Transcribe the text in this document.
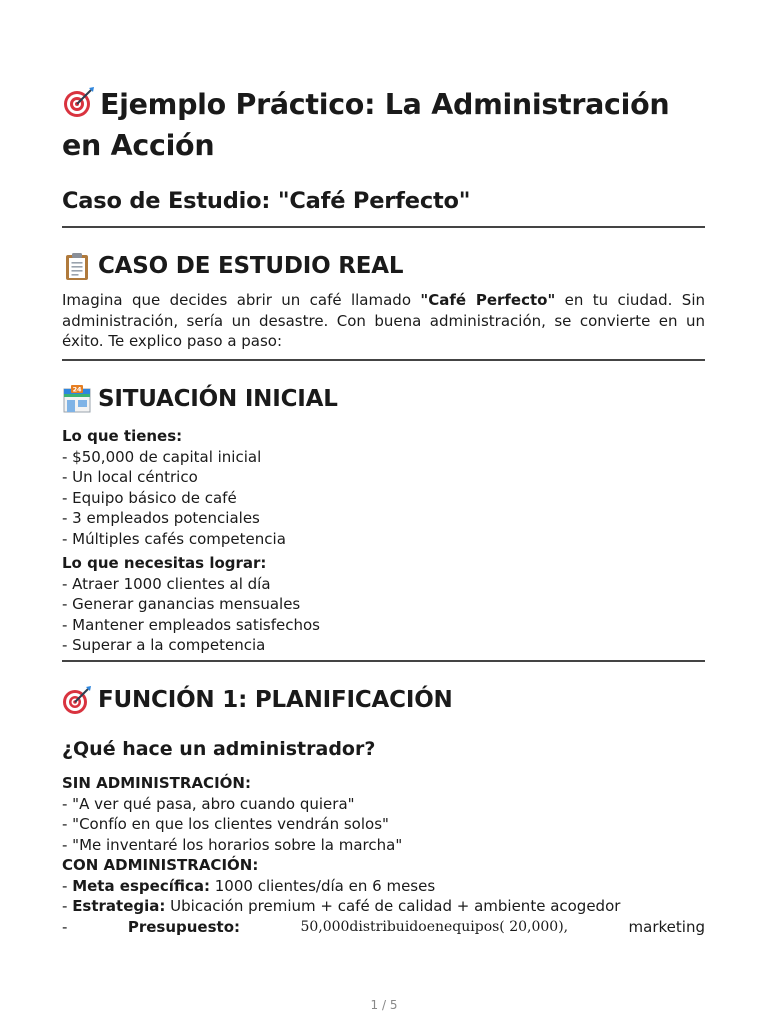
Ejemplo Práctico: La Administración en Acción
Caso de Estudio: "Café Perfecto"
CASO DE ESTUDIO REAL

Imagina que decides abrir un café llamado "Café Perfecto" en tu ciudad. Sin administración, sería un desastre. Con buena administración, se convierte en un éxito. Te explico paso a paso:

24 SITUACIÓN INICIAL
Lo que tienes:
- $50,000 de capital inicial
- Un local céntrico
- Equipo básico de café
- 3 empleados potenciales
- Múltiples cafés competencia
Lo que necesitas lograr:
- Atraer 1000 clientes al día
- Generar ganancias mensuales
- Mantener empleados satisfechos
- Superar a la competencia
FUNCIÓN 1: PLANIFICACIÓN
¿Qué hace un administrador?
SIN ADMINISTRACIÓN:
- "A ver qué pasa, abro cuando quiera"
- "Confío en que los clientes vendrán solos"
- "Me inventaré los horarios sobre la marcha"
CON ADMINISTRACIÓN:
- Meta específica: 1000 clientes/día en 6 meses
- Estrategia: Ubicación premium + café de calidad + ambiente acogedor
-	Presupuesto:	50,000distribuidoenequipos( 20,000),	marketing
1 / 5
